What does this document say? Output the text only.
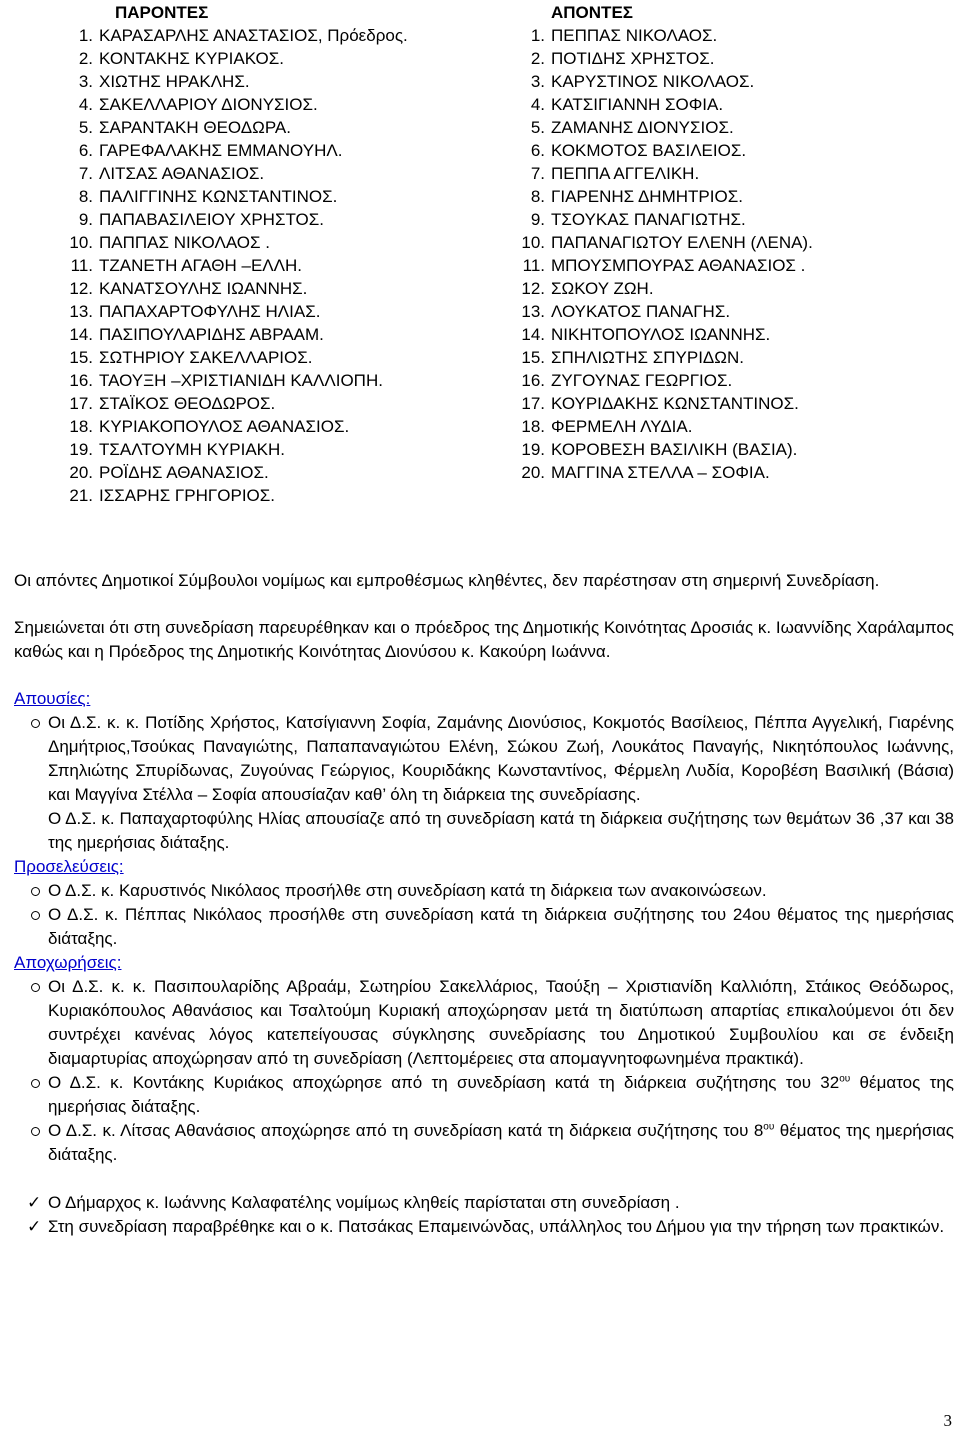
ΠΑΡΟΝΤΕΣ
1. ΚΑΡΑΣΑΡΛΗΣ ΑΝΑΣΤΑΣΙΟΣ, Πρόεδρος.
2. ΚΟΝΤΑΚΗΣ ΚΥΡΙΑΚΟΣ.
3. ΧΙΩΤΗΣ ΗΡΑΚΛΗΣ.
4. ΣΑΚΕΛΛΑΡΙΟΥ ΔΙΟΝΥΣΙΟΣ.
5. ΣΑΡΑΝΤΑΚΗ ΘΕΟΔΩΡΑ.
6. ΓΑΡΕΦΑΛΑΚΗΣ ΕΜΜΑΝΟΥΗΛ.
7. ΛΙΤΣΑΣ ΑΘΑΝΑΣΙΟΣ.
8. ΠΑΛΙΓΓΙΝΗΣ ΚΩΝΣΤΑΝΤΙΝΟΣ.
9. ΠΑΠΑΒΑΣΙΛΕΙΟΥ ΧΡΗΣΤΟΣ.
10. ΠΑΠΠΑΣ ΝΙΚΟΛΑΟΣ .
11. ΤΖΑΝΕΤΗ ΑΓΑΘΗ –ΕΛΛΗ.
12. ΚΑΝΑΤΣΟΥΛΗΣ ΙΩΑΝΝΗΣ.
13. ΠΑΠΑΧΑΡΤΟΦΥΛΗΣ ΗΛΙΑΣ.
14. ΠΑΣΙΠΟΥΛΑΡΙΔΗΣ ΑΒΡΑΑΜ.
15. ΣΩΤΗΡΙΟΥ ΣΑΚΕΛΛΑΡΙΟΣ.
16. ΤΑΟΥΞΗ –ΧΡΙΣΤΙΑΝΙΔΗ ΚΑΛΛΙΟΠΗ.
17. ΣΤΑΪΚΟΣ ΘΕΟΔΩΡΟΣ.
18. ΚΥΡΙΑΚΟΠΟΥΛΟΣ ΑΘΑΝΑΣΙΟΣ.
19. ΤΣΑΛΤΟΥΜΗ ΚΥΡΙΑΚΗ.
20. ΡΟΪΔΗΣ ΑΘΑΝΑΣΙΟΣ.
21. ΙΣΣΑΡΗΣ ΓΡΗΓΟΡΙΟΣ.
ΑΠΟΝΤΕΣ
1. ΠΕΠΠΑΣ ΝΙΚΟΛΑΟΣ.
2. ΠΟΤΙΔΗΣ ΧΡΗΣΤΟΣ.
3. ΚΑΡΥΣΤΙΝΟΣ ΝΙΚΟΛΑΟΣ.
4. ΚΑΤΣΙΓΙΑΝΝΗ ΣΟΦΙΑ.
5. ΖΑΜΑΝΗΣ ΔΙΟΝΥΣΙΟΣ.
6. ΚΟΚΜΟΤΟΣ ΒΑΣΙΛΕΙΟΣ.
7. ΠΕΠΠΑ ΑΓΓΕΛΙΚΗ.
8. ΓΙΑΡΕΝΗΣ ΔΗΜΗΤΡΙΟΣ.
9. ΤΣΟΥΚΑΣ ΠΑΝΑΓΙΩΤΗΣ.
10. ΠΑΠΑΝΑΓΙΩΤΟΥ ΕΛΕΝΗ (ΛΕΝΑ).
11. ΜΠΟΥΣΜΠΟΥΡΑΣ ΑΘΑΝΑΣΙΟΣ .
12. ΣΩΚΟΥ ΖΩΗ.
13. ΛΟΥΚΑΤΟΣ ΠΑΝΑΓΗΣ.
14. ΝΙΚΗΤΟΠΟΥΛΟΣ ΙΩΑΝΝΗΣ.
15. ΣΠΗΛΙΩΤΗΣ ΣΠΥΡΙΔΩΝ.
16. ΖΥΓΟΥΝΑΣ ΓΕΩΡΓΙΟΣ.
17. ΚΟΥΡΙΔΑΚΗΣ ΚΩΝΣΤΑΝΤΙΝΟΣ.
18. ΦΕΡΜΕΛΗ ΛΥΔΙΑ.
19. ΚΟΡΟΒΕΣΗ ΒΑΣΙΛΙΚΗ (ΒΑΣΙΑ).
20. ΜΑΓΓΙΝΑ ΣΤΕΛΛΑ – ΣΟΦΙΑ.

Οι απόντες Δημοτικοί Σύμβουλοι νομίμως και εμπροθέσμως κληθέντες, δεν παρέστησαν στη σημερινή Συνεδρίαση.

Σημειώνεται ότι στη συνεδρίαση παρευρέθηκαν και ο πρόεδρος της Δημοτικής Κοινότητας Δροσιάς κ. Ιωαννίδης Χαράλαμπος καθώς και η Πρόεδρος της Δημοτικής Κοινότητας Διονύσου κ. Κακούρη Ιωάννα.

Απουσίες:

Οι Δ.Σ. κ. κ. Ποτίδης Χρήστος, Κατσίγιαννη Σοφία, Ζαμάνης Διονύσιος, Κοκμοτός Βασίλειος, Πέππα Αγγελική, Γιαρένης Δημήτριος,Τσούκας Παναγιώτης, Παπαπαναγιώτου Ελένη, Σώκου Ζωή, Λουκάτος Παναγής, Νικητόπουλος Ιωάννης, Σπηλιώτης Σπυρίδωνας, Ζυγούνας Γεώργιος, Κουριδάκης Κωνσταντίνος, Φέρμελη Λυδία, Κοροβέση Βασιλική (Βάσια) και Μαγγίνα Στέλλα – Σοφία απουσίαζαν καθ’ όλη τη διάρκεια της συνεδρίασης.

Ο Δ.Σ. κ. Παπαχαρτοφύλης Ηλίας απουσίαζε από τη συνεδρίαση κατά τη διάρκεια συζήτησης των θεμάτων 36 ,37 και 38 της ημερήσιας διάταξης.

Προσελεύσεις:

Ο Δ.Σ. κ. Καρυστινός Νικόλαος προσήλθε στη συνεδρίαση κατά τη διάρκεια των ανακοινώσεων.
Ο Δ.Σ. κ. Πέππας Νικόλαος προσήλθε στη συνεδρίαση κατά τη διάρκεια συζήτησης του 24ου θέματος της ημερήσιας διάταξης.

Αποχωρήσεις:

Οι Δ.Σ. κ. κ. Πασιπουλαρίδης Αβραάμ, Σωτηρίου Σακελλάριος, Ταούξη – Χριστιανίδη Καλλιόπη, Στάικος Θεόδωρος, Κυριακόπουλος Αθανάσιος και Τσαλτούμη Κυριακή αποχώρησαν μετά τη διατύπωση απαρτίας επικαλούμενοι ότι δεν συντρέχει κανένας λόγος κατεπείγουσας σύγκλησης συνεδρίασης του Δημοτικού Συμβουλίου και σε ένδειξη διαμαρτυρίας αποχώρησαν από τη συνεδρίαση (Λεπτομέρειες στα απομαγνητοφωνημένα πρακτικά).
Ο Δ.Σ. κ. Κοντάκης Κυριάκος αποχώρησε από τη συνεδρίαση κατά τη διάρκεια συζήτησης του $32^{o\upsilon}$ θέματος της ημερήσιας διάταξης.
Ο Δ.Σ. κ. Λίτσας Αθανάσιος αποχώρησε από τη συνεδρίαση κατά τη διάρκεια συζήτησης του $8^{o\upsilon}$ θέματος της ημερήσιας διάταξης.
✓ Ο Δήμαρχος κ. Ιωάννης Καλαφατέλης νομίμως κληθείς παρίσταται στη συνεδρίαση .
✓ Στη συνεδρίαση παραβρέθηκε και ο κ. Πατσάκας Επαμεινώνδας, υπάλληλος του Δήμου για την τήρηση των πρακτικών.
3
